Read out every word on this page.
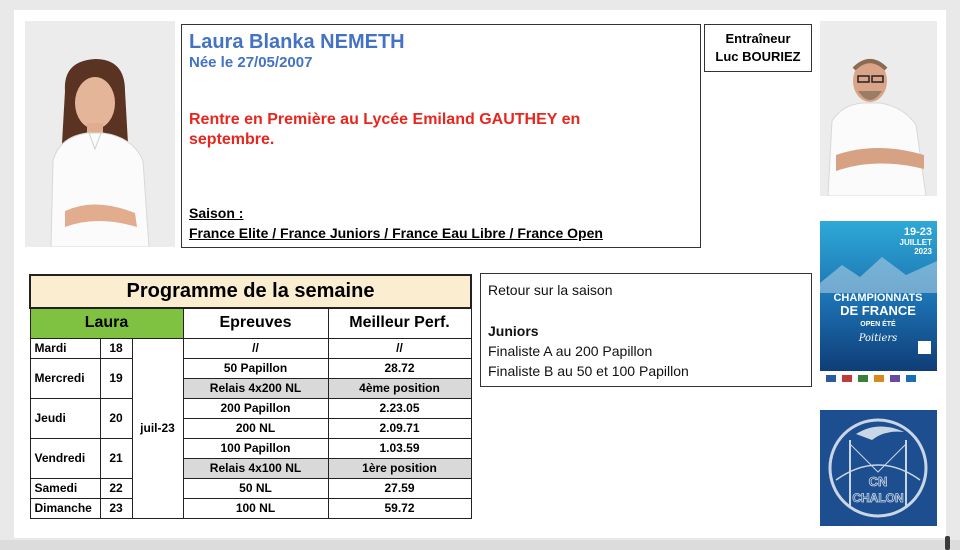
Laura Blanka NEMETH
Née le 27/05/2007
Rentre en Première au Lycée Emiland GAUTHEY en septembre.
Saison :
France Elite / France Juniors / France Eau Libre / France Open
Entraîneur
Luc BOURIEZ
Programme de la semaine				
Laura			Epreuves	Meilleur Perf.
Mardi	18	juil-23	//	//
Mercredi	19		50 Papillon	28.72
			Relais 4x200 NL	4ème position
Jeudi	20		200 Papillon	2.23.05
			200 NL	2.09.71
Vendredi	21		100 Papillon	1.03.59
			Relais 4x100 NL	1ère position
Samedi	22		50 NL	27.59
Dimanche	23		100 NL	59.72
Retour sur la saison
Juniors
Finaliste A au 200 Papillon
Finaliste B au 50 et 100 Papillon
19-23
JUILLET
2023
CHAMPIONNATS
DE FRANCE
OPEN ÉTÉ
Poitiers
CN
CHALON
